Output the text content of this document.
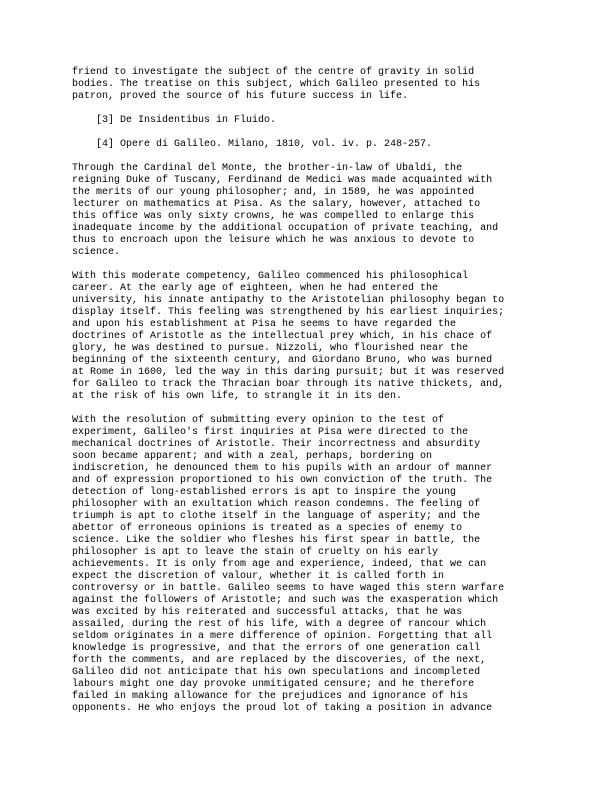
friend to investigate the subject of the centre of gravity in solid
bodies. The treatise on this subject, which Galileo presented to his
patron, proved the source of his future success in life.
[3] De Insidentibus in Fluido.
[4] Opere di Galileo. Milano, 1810, vol. iv. p. 248-257.
Through the Cardinal del Monte, the brother-in-law of Ubaldi, the
reigning Duke of Tuscany, Ferdinand de Medici was made acquainted with
the merits of our young philosopher; and, in 1589, he was appointed
lecturer on mathematics at Pisa. As the salary, however, attached to
this office was only sixty crowns, he was compelled to enlarge this
inadequate income by the additional occupation of private teaching, and
thus to encroach upon the leisure which he was anxious to devote to
science.
With this moderate competency, Galileo commenced his philosophical
career. At the early age of eighteen, when he had entered the
university, his innate antipathy to the Aristotelian philosophy began to
display itself. This feeling was strengthened by his earliest inquiries;
and upon his establishment at Pisa he seems to have regarded the
doctrines of Aristotle as the intellectual prey which, in his chace of
glory, he was destined to pursue. Nizzoli, who flourished near the
beginning of the sixteenth century, and Giordano Bruno, who was burned
at Rome in 1600, led the way in this daring pursuit; but it was reserved
for Galileo to track the Thracian boar through its native thickets, and,
at the risk of his own life, to strangle it in its den.
With the resolution of submitting every opinion to the test of
experiment, Galileo's first inquiries at Pisa were directed to the
mechanical doctrines of Aristotle. Their incorrectness and absurdity
soon became apparent; and with a zeal, perhaps, bordering on
indiscretion, he denounced them to his pupils with an ardour of manner
and of expression proportioned to his own conviction of the truth. The
detection of long-established errors is apt to inspire the young
philosopher with an exultation which reason condemns. The feeling of
triumph is apt to clothe itself in the language of asperity; and the
abettor of erroneous opinions is treated as a species of enemy to
science. Like the soldier who fleshes his first spear in battle, the
philosopher is apt to leave the stain of cruelty on his early
achievements. It is only from age and experience, indeed, that we can
expect the discretion of valour, whether it is called forth in
controversy or in battle. Galileo seems to have waged this stern warfare
against the followers of Aristotle; and such was the exasperation which
was excited by his reiterated and successful attacks, that he was
assailed, during the rest of his life, with a degree of rancour which
seldom originates in a mere difference of opinion. Forgetting that all
knowledge is progressive, and that the errors of one generation call
forth the comments, and are replaced by the discoveries, of the next,
Galileo did not anticipate that his own speculations and incompleted
labours might one day provoke unmitigated censure; and he therefore
failed in making allowance for the prejudices and ignorance of his
opponents. He who enjoys the proud lot of taking a position in advance
